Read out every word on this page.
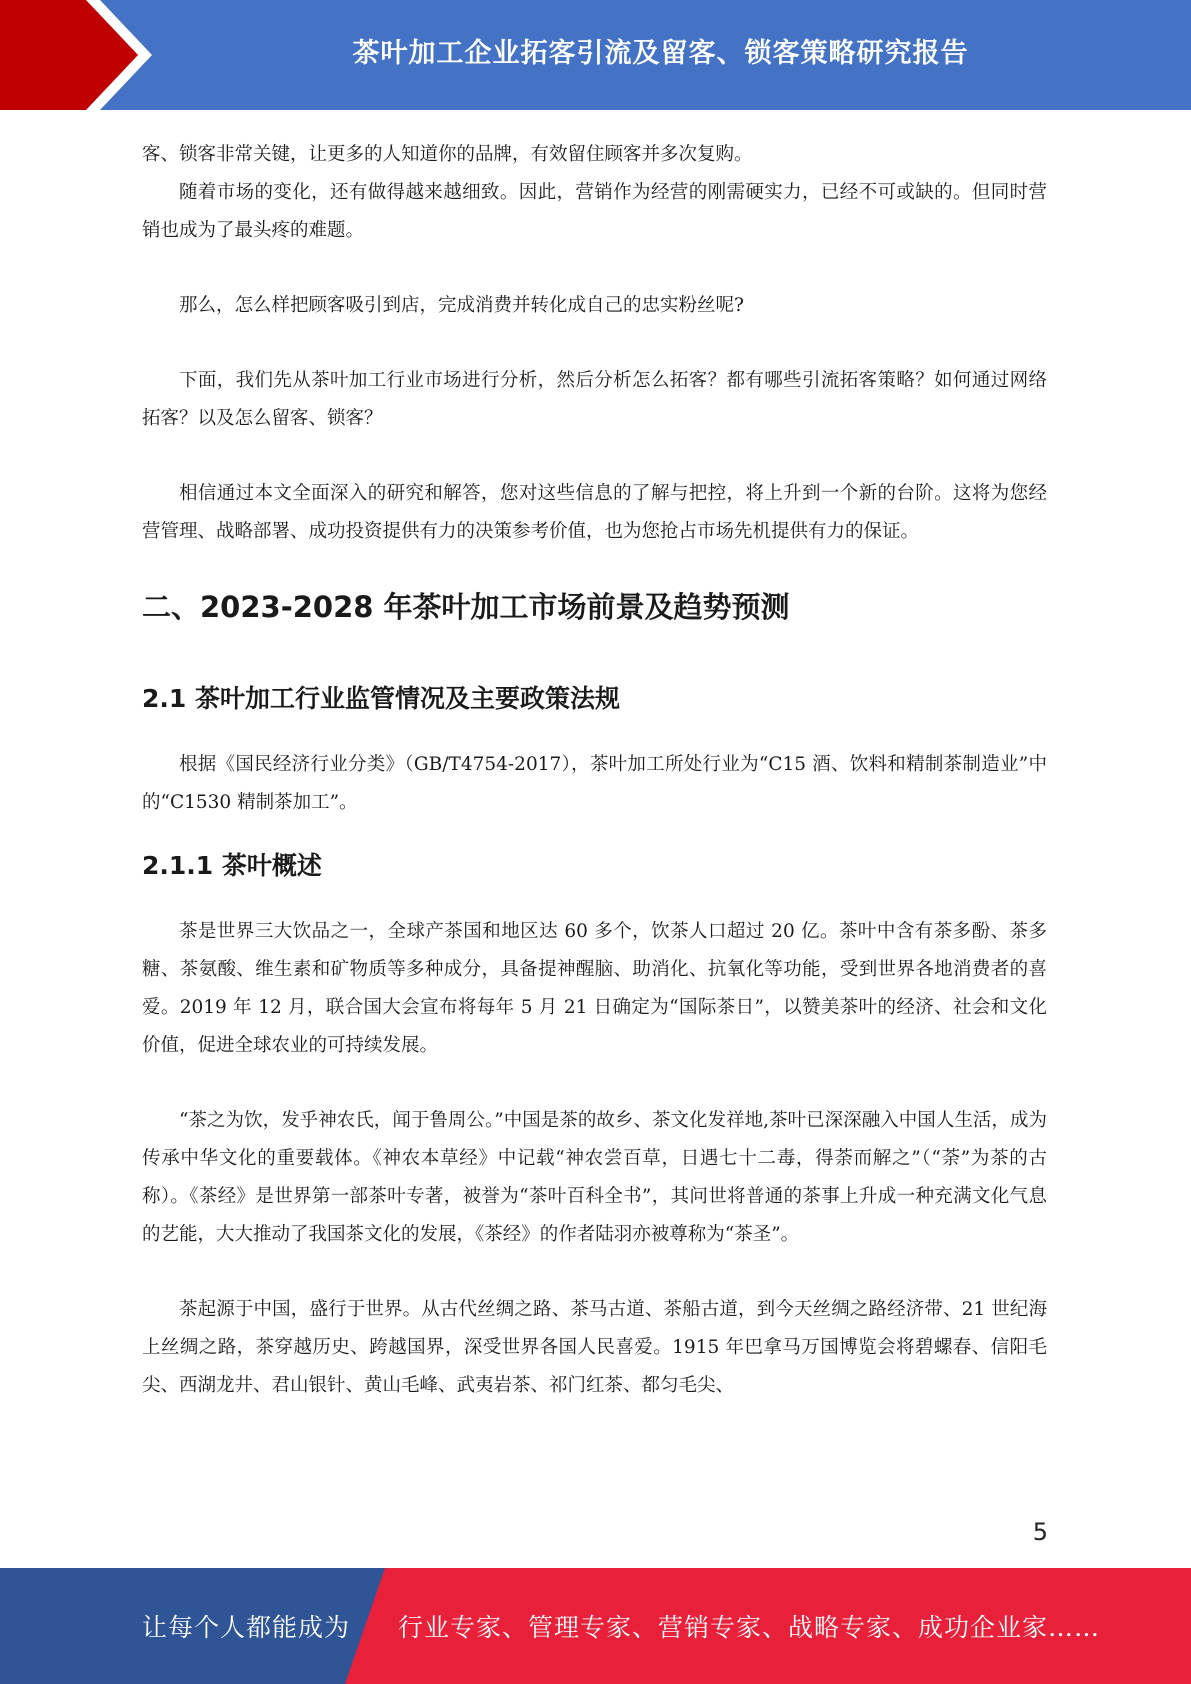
茶叶加工企业拓客引流及留客、锁客策略研究报告

客、锁客非常关键，让更多的人知道你的品牌，有效留住顾客并多次复购。

随着市场的变化，还有做得越来越细致。因此，营销作为经营的刚需硬实力，已经不可或缺的。但同时营销也成为了最头疼的难题。

那么，怎么样把顾客吸引到店，完成消费并转化成自己的忠实粉丝呢?

下面，我们先从茶叶加工行业市场进行分析，然后分析怎么拓客？都有哪些引流拓客策略？如何通过网络拓客？以及怎么留客、锁客？

相信通过本文全面深入的研究和解答，您对这些信息的了解与把控，将上升到一个新的台阶。这将为您经营管理、战略部署、成功投资提供有力的决策参考价值，也为您抢占市场先机提供有力的保证。

二、2023-2028 年茶叶加工市场前景及趋势预测
2.1 茶叶加工行业监管情况及主要政策法规

根据《国民经济行业分类》（GB/T4754-2017），茶叶加工所处行业为“C15 酒、饮料和精制茶制造业”中的“C1530 精制茶加工”。

2.1.1 茶叶概述

茶是世界三大饮品之一，全球产茶国和地区达 60 多个，饮茶人口超过 20 亿。茶叶中含有茶多酚、茶多糖、茶氨酸、维生素和矿物质等多种成分，具备提神醒脑、助消化、抗氧化等功能，受到世界各地消费者的喜爱。2019 年 12 月，联合国大会宣布将每年 5 月 21 日确定为“国际茶日”，以赞美茶叶的经济、社会和文化价值，促进全球农业的可持续发展。

“茶之为饮，发乎神农氏，闻于鲁周公。”中国是茶的故乡、茶文化发祥地,茶叶已深深融入中国人生活，成为传承中华文化的重要载体。《神农本草经》中记载“神农尝百草，日遇七十二毒，得荼而解之”（“荼”为茶的古称）。《茶经》是世界第一部茶叶专著，被誉为“茶叶百科全书”，其问世将普通的茶事上升成一种充满文化气息的艺能，大大推动了我国茶文化的发展，《茶经》的作者陆羽亦被尊称为“茶圣”。

茶起源于中国，盛行于世界。从古代丝绸之路、茶马古道、茶船古道，到今天丝绸之路经济带、21 世纪海上丝绸之路，茶穿越历史、跨越国界，深受世界各国人民喜爱。1915 年巴拿马万国博览会将碧螺春、信阳毛尖、西湖龙井、君山银针、黄山毛峰、武夷岩茶、祁门红茶、都匀毛尖、

5
让每个人都能成为 行业专家、管理专家、营销专家、战略专家、成功企业家……
